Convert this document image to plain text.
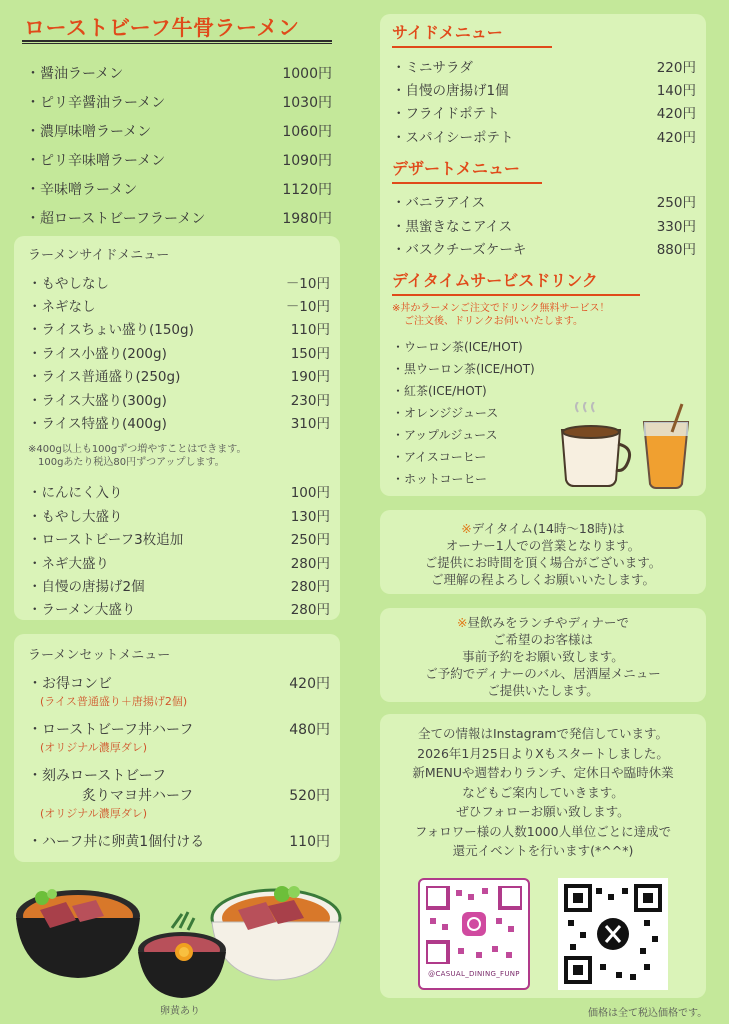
ローストビーフ牛骨ラーメン
・醤油ラーメン	1000円
・ピリ辛醤油ラーメン	1030円
・濃厚味噌ラーメン	1060円
・ピリ辛味噌ラーメン	1090円
・辛味噌ラーメン	1120円
・超ローストビーフラーメン	1980円
ラーメンサイドメニュー
・もやしなし	－10円
・ネギなし	－10円
・ライスちょい盛り(150g)	110円
・ライス小盛り(200g)	150円
・ライス普通盛り(250g)	190円
・ライス大盛り(300g)	230円
・ライス特盛り(400g)	310円
※400g以上も100gずつ増やすことはできます。
100gあたり税込80円ずつアップします。
・にんにく入り	100円
・もやし大盛り	130円
・ローストビーフ3枚追加	250円
・ネギ大盛り	280円
・自慢の唐揚げ2個	280円
・ラーメン大盛り	280円
ラーメンセットメニュー
・お得コンビ	420円
(ライス普通盛り＋唐揚げ2個)
・ローストビーフ丼ハーフ	480円
(オリジナル濃厚ダレ)
・刻みローストビーフ
炙りマヨ丼ハーフ	520円
(オリジナル濃厚ダレ)
・ハーフ丼に卵黄1個付ける	110円
卵黄あり
サイドメニュー
・ミニサラダ	220円
・自慢の唐揚げ1個	140円
・フライドポテト	420円
・スパイシーポテト	420円
デザートメニュー
・バニラアイス	250円
・黒蜜きなこアイス	330円
・バスクチーズケーキ	880円
デイタイムサービスドリンク
※丼かラーメンご注文でドリンク無料サービス！
ご注文後、ドリンクお伺いいたします。
・ウーロン茶(ICE/HOT)
・黒ウーロン茶(ICE/HOT)
・紅茶(ICE/HOT)
・オレンジジュース
・アップルジュース
・アイスコーヒー
・ホットコーヒー
※デイタイム(14時〜18時)は
オーナー1人での営業となります。
ご提供にお時間を頂く場合がございます。
ご理解の程よろしくお願いいたします。
※昼飲みをランチやディナーで
ご希望のお客様は
事前予約をお願い致します。
ご予約でディナーのバル、居酒屋メニュー
ご提供いたします。
全ての情報はInstagramで発信しています。
2026年1月25日よりXもスタートしました。
新MENUや週替わりランチ、定休日や臨時休業
などもご案内していきます。
ぜひフォローお願い致します。
フォロワー様の人数1000人単位ごとに達成で
還元イベントを行います(*^^*)
@CASUAL_DINING_FUNP
価格は全て税込価格です。
